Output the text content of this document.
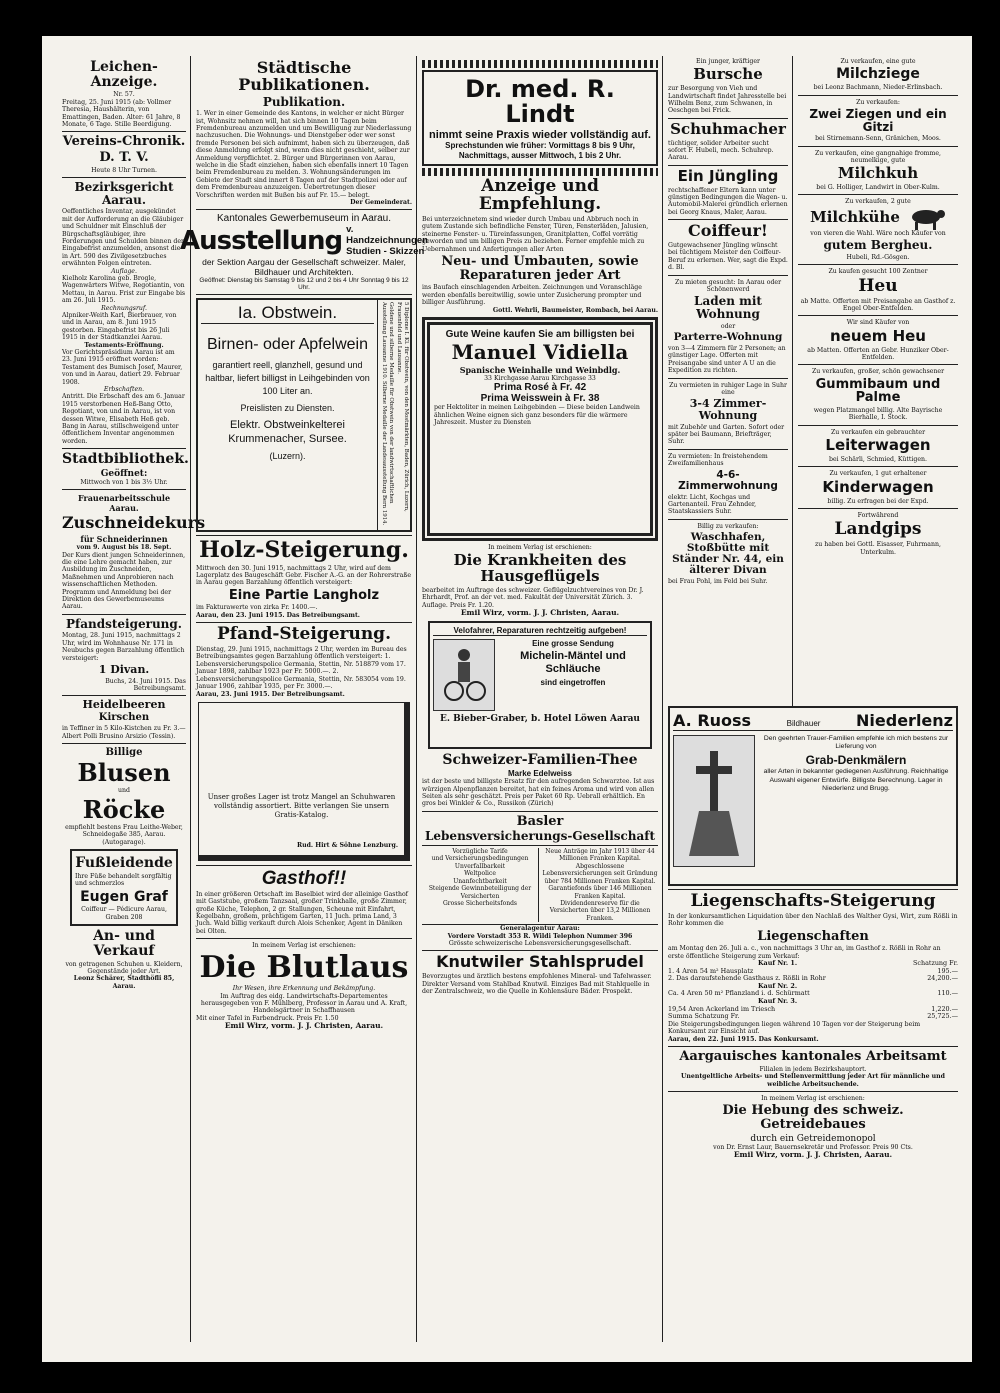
Leichen-Anzeige.
Nr. 57.

Freitag, 25. Juni 1915 (ab: Vollmer Theresia, Haushälterin, von Emattingen, Baden. Alter: 61 Jahre, 8 Monate, 6 Tage. Stille Beerdigung.

Vereins-Chronik.
D. T. V.
Heute 8 Uhr Turnen.
Bezirksgericht Aarau.

Oeffentliches Inventar, ausgekündet mit der Aufforderung an die Gläubiger und Schuldner mit Einschluß der Bürgschaftsgläubiger, ihre Forderungen und Schulden binnen der Eingabefrist anzumelden, ansonst die in Art. 590 des Zivilgesetzbuches erwähnten Folgen eintreten.

Auflage.

Kielholz Karolina geb. Brogle, Wagenwärters Witwe, Regotiantin, von Mettau, in Aarau. Frist zur Eingabe bis am 26. Juli 1915.

Rechnungsruf.

Alpniker-Weith Karl, Bierbrauer, von und in Aarau, am 8. Juni 1915 gestorben. Eingabefrist bis 26 Juli 1915 in der Stadtkanzlei Aarau.

Testaments-Eröffnung.

Vor Gerichtspräsidium Aarau ist am 23. Juni 1915 eröffnet worden: Testament des Bumisch Josef, Maurer, von und in Aarau, datiert 29. Februar 1908.

Erbschaften.

Antritt. Die Erbschaft des am 6. Januar 1915 verstorbenen Heß-Bang Otto, Regotiant, von und in Aarau, ist von dessen Witwe, Elisabeth Heß geb. Bang in Aarau, stillschweigend unter öffentlichem Inventar angenommen worden.

Stadtbibliothek.
Geöffnet:
Mittwoch von 1 bis 3½ Uhr.
Frauenarbeitsschule Aarau.
Zuschneidekurs
für Schneiderinnen
vom 9. August bis 18. Sept.

Der Kurs dient jungen Schneiderinnen, die eine Lehre gemacht haben, zur Ausbildung im Zuschneiden, Maßnehmen und Anprobieren nach wissenschaftlichen Methoden. Programm und Anmeldung bei der Direktion des Gewerbemuseums Aarau.

Pfandsteigerung.

Montag, 28. Juni 1915, nachmittags 2 Uhr, wird im Wohnhause Nr. 171 in Neubuchs gegen Barzahlung öffentlich versteigert:

1 Divan.

Buchs, 24. Juni 1915. Das Betreibungsamt.

Heidelbeeren
Kirschen

in Teffiner in 5 Kilo-Kistchen zu Fr. 3.— Albert Polli Brusino Arsizio (Tessin).

Billige
Blusen
und
Röcke

empfiehlt bestens Frau Leithe-Weber, Schneidegaße 385, Aarau. (Autogarage).

Fußleidende

Ihre Füße behandelt sorgfältig und schmerzlos

Eugen Graf

Coiffeur — Pédicure Aarau, Graben 208

An- und Verkauf

von getragenen Schuhen u. Kleidern, Gegenstände jeder Art.

Leonz Schärer, Stadthöfli 85, Aarau.

Städtische Publikationen.
Publikation.

1. Wer in einer Gemeinde des Kantons, in welcher er nicht Bürger ist, Wohnsitz nehmen will, hat sich binnen 10 Tagen beim Fremdenbureau anzumelden und um Bewilligung zur Niederlassung nachzusuchen. Die Wohnungs- und Dienstgeber oder wer sonst fremde Personen bei sich aufnimmt, haben sich zu überzeugen, daß diese Anmeldung erfolgt sind, wenn dies nicht geschieht, selber zur Anmeldung verpflichtet. 2. Bürger und Bürgerinnen von Aarau, welche in die Stadt einziehen, haben sich ebenfalls innert 10 Tagen beim Fremdenbureau zu melden. 3. Wohnungsänderungen im Gebiete der Stadt sind innert 8 Tagen auf der Stadtpolizei oder auf dem Fremdenbureau anzuzeigen. Uebertretungen dieser Vorschriften werden mit Bußen bis auf Fr. 15.— belegt.

Der Gemeinderat.

Kantonales Gewerbemuseum in Aarau.
Ausstellung v. Handzeichnungen
Studien - Skizzen
der Sektion Aargau der Gesellschaft schweizer. Maler, Bildhauer und Architekten.
Geöffnet: Dienstag bis Samstag 9 bis 12 und 2 bis 4 Uhr Sonntag 9 bis 12 Uhr.
Ia. Obstwein.
Birnen- oder Apfelwein
garantiert reell, glanzhell, gesund und haltbar, liefert billigst in Leihgebinden von 100 Liter an.
Preislisten zu Diensten.
Elektr. Obstweinkelterei Krummenacher, Sursee.
(Luzern).	Goldene und silberne Medaille für Obstwein von der landwirtschaftlichen Ausstellung Lausanne 1910. Silberne Medaille der Landesausstellung Bern 1914.	5 Diplome I. Kl. für Obstwein, von den Mostmärkten, Baden, Zürich, Luzern, Frauenfeld und Lausanne.
Holz-Steigerung.

Mittwoch den 30. Juni 1915, nachmittags 2 Uhr, wird auf dem Lagerplatz des Baugeschäft Gebr. Fischer A.-G. an der Rohrerstraße in Aarau gegen Barzahlung öffentlich versteigert:

Eine Partie Langholz

im Fakturawerte von zirka Fr. 1400.—.

Aarau, den 23. Juni 1915. Das Betreibungsamt.

Pfand-Steigerung.

Dienstag, 29. Juni 1915, nachmittags 2 Uhr, werden im Bureau des Betreibungsamtes gegen Barzahlung öffentlich versteigert: 1. Lebensversicherungspolice Germania, Stettin, Nr. 518879 vom 17. Januar 1898, zahlbar 1923 per Fr. 5000.—. 2. Lebensversicherungspolice Germania, Stettin, Nr. 583054 vom 19. Januar 1906, zahlbar 1935, per Fr. 3000.—.

Aarau, 23. Juni 1915. Der Betreibungsamt.

Unser großes Lager ist trotz Mangel an Schuhwaren vollständig assortiert. Bitte verlangen Sie unsern Gratis-Katalog.

Rud. Hirt & Söhne Lenzburg.

Gasthof!!

In einer größeren Ortschaft im Baselbiet wird der alleinige Gasthof mit Gaststube, großem Tanzsaal, großer Trinkhalle, große Zimmer, große Küche, Telephon, 2 gr. Stallungen, Scheune mit Einfahrt, Kegelbahn, großem, prächtigem Garten, 11 Juch. prima Land, 3 Juch. Wald billig verkauft durch Alois Schenker, Agent in Däniken bei Olten.

In meinem Verlag ist erschienen:
Die Blutlaus
Ihr Wesen, ihre Erkennung und Bekämpfung.

Im Auftrag des eidg. Landwirtschafts-Departementes herausgegeben von F. Mühlberg, Professor in Aarau und A. Kraft, Handelsgärtner in Schaffhausen

Mit einer Tafel in Farbendruck. Preis Fr. 1.50

Emil Wirz, vorm. J. J. Christen, Aarau.

Dr. med. R. Lindt
nimmt seine Praxis wieder vollständig auf.
Sprechstunden wie früher: Vormittags 8 bis 9 Uhr, Nachmittags, ausser Mittwoch, 1 bis 2 Uhr.
Anzeige und Empfehlung.

Bei unterzeichnetem sind wieder durch Umbau und Abbruch noch in gutem Zustande sich befindliche Fenster, Türen, Fensterläden, Jalusien, steinerne Fenster- u. Türeinfassungen, Granitplatten, Coffel vorrätig geworden und um billigen Preis zu beziehen. Ferner empfehle mich zu Uebernahmen und Anfertigungen aller Arten

Neu- und Umbauten, sowie Reparaturen jeder Art

ins Baufach einschlagenden Arbeiten. Zeichnungen und Voranschläge werden ebenfalls bereitwillig, sowie unter Zusicherung prompter und billiger Ausführung.

Gottl. Wehrli, Baumeister, Rombach, bei Aarau.

Gute Weine kaufen Sie am billigsten bei
Manuel Vidiella
Spanische Weinhalle und Weinbdlg.
33 Kirchgasse Aarau Kirchgasse 33
Prima Rosé à Fr. 42
Prima Weisswein à Fr. 38

per Hektoliter in meinen Leihgebinden — Diese beiden Landwein ähnlichen Weine eignen sich ganz besonders für die wärmere Jahreszeit. Muster zu Diensten

In meinem Verlag ist erschienen:
Die Krankheiten des Hausgeflügels

bearbeitet im Auftrage des schweizer. Geflügelzuchtvereines von Dr. J. Ehrhardt, Prof. an der vet. med. Fakultät der Universität Zürich. 3. Auflage. Preis Fr. 1.20.

Emil Wirz, vorm. J. J. Christen, Aarau.

Velofahrer, Reparaturen rechtzeitig aufgeben!
Eine grosse Sendung
Michelin-Mäntel und Schläuche
sind eingetroffen
E. Bieber-Graber, b. Hotel Löwen Aarau
Schweizer-Familien-Thee
Marke Edelweiss

ist der beste und billigste Ersatz für den aufregenden Schwarztee. Ist aus würzigen Alpenpflanzen bereitet, hat ein feines Aroma und wird von allen Seiten als sehr geschätzt. Preis per Paket 60 Rp. Uebrall erhältlich. En gros bei Winkler & Co., Russikon (Zürich)

Basler
Lebensversicherungs-Gesellschaft
Vorzügliche Tarife
und Versicherungsbedingungen
Unverfallbarkeit
Weltpolice
Unanfechtbarkeit
Steigende Gewinnbeteiligung der Versicherten
Grosse Sicherheitsfonds
Neue Anträge im Jahr 1913 über 44 Millionen Franken Kapital.
Abgeschlossene Lebensversicherungen seit Gründung über 784 Millionen Franken Kapital.
Garantiefonds über 146 Millionen Franken Kapital.
Dividendenreserve für die Versicherten über 13,2 Millionen Franken.
Generalagentur Aarau:
Vordere Vorstadt 353 R. Wildi Telephon Nummer 396
Grösste schweizerische Lebensversicherungsgesellschaft.
Knutwiler Stahlsprudel

Bevorzugtes und ärztlich bestens empfohlenes Mineral- und Tafelwasser. Direkter Versand vom Stahlbad Knutwil. Einziges Bad mit Stahlquelle in der Zentralschweiz, wo die Quelle in Kohlensäure Bäder. Prospekt.

Ein junger, kräftiger
Bursche

zur Besorgung von Vieh und Landwirtschaft findet Jahresstelle bei Wilhelm Benz, zum Schwanen, in Oeschgen bei Frick.

Schuhmacher

tüchtiger, solider Arbeiter sucht sofort F. Hubeli, mech. Schuhrep. Aarau.

Ein Jüngling

rechtschaffener Eltern kann unter günstigen Bedingungen die Wagen- u. Automobil-Malerei gründlich erlernen bei Georg Knaus, Maler, Aarau.

Coiffeur!

Gutgewachsener Jüngling wünscht bei tüchtigem Meister den Coiffeur-Beruf zu erlernen. Wer, sagt die Expd. d. Bl.

Zu mieten gesucht: In Aarau oder Schönenwerd

Laden mit Wohnung
oder
Parterre-Wohnung

von 3—4 Zimmern für 2 Personen; an günstiger Lage. Offerten mit Preisangabe sind unter A U an die Expedition zu richten.

Zu vermieten in ruhiger Lage in Suhr eine

3-4 Zimmer-Wohnung

mit Zubehör und Garten. Sofort oder später bei Baumann, Briefträger, Suhr.

Zu vermieten: In freistehendem Zweifamilienhaus

4-6-Zimmerwohnung

elektr. Licht, Kochgas und Gartenanteil. Frau Zehnder, Staatskassiers Suhr.

Billig zu verkaufen:
Waschhafen, Stoßbütte mit Ständer Nr. 44, ein älterer Divan

bei Frau Pohl, im Feld bei Suhr.

A. Ruoss	Bildhauer Niederlenz

Den geehrten Trauer-Familien empfehle ich mich bestens zur Lieferung von

Grab-Denkmälern

aller Arten in bekannter gediegenen Ausführung. Reichhaltige Auswahl eigener Entwürfe. Billigste Berechnung. Lager in Niederlenz und Brugg.

Liegenschafts-Steigerung

In der konkursamtlichen Liquidation über den Nachlaß des Walther Gysi, Wirt, zum Rößli in Rohr kommen die

Liegenschaften

am Montag den 26. Juli a. c., von nachmittags 3 Uhr an, im Gasthof z. Rößli in Rohr an erste öffentliche Steigerung zum Verkauf:

Kauf Nr. 1.	Schatzung Fr.
1. 4 Aren 54 m² Hausplatz	195.—
2. Das daraufstehende Gasthaus z. Rößli in Rohr	24,200.—
Kauf Nr. 2.
Ca. 4 Aren 50 m² Pflanzland i. d. Schürmatt	110.—
Kauf Nr. 3.
19,54 Aren Ackerland im Triesch	1,220.—
Summa Schatzung Fr.	25,725.—

Die Steigerungsbedingungen liegen während 10 Tagen vor der Steigerung beim Konkursamt zur Einsicht auf.

Aarau, den 22. Juni 1915. Das Konkursamt.

Aargauisches kantonales Arbeitsamt
Filialen in jedem Bezirkshauptort.

Unentgeltliche Arbeits- und Stellenvermittlung jeder Art für männliche und weibliche Arbeitsuchende.

In meinem Verlag ist erschienen:
Die Hebung des schweiz. Getreidebaues
durch ein Getreidemonopol

von Dr. Ernst Laur, Bauernsekretär und Professor. Preis 90 Cts.

Emil Wirz, vorm. J. J. Christen, Aarau.

Zu verkaufen, eine gute
Milchziege

bei Leonz Bachmann, Nieder-Erlinsbach.

Zu verkaufen:
Zwei Ziegen und ein Gitzi

bei Stirnemann-Senn, Gränichen, Moos.

Zu verkaufen, eine gangnahige fromme, neumelkige, gute

Milchkuh

bei G. Holliger, Landwirt in Ober-Kulm.

Zu verkaufen, 2 gute
Milchkühe

von vieren die Wahl. Wäre noch Käufer von

gutem Bergheu.

Hubeli, Rd.-Gösgen.

Zu kaufen gesucht 100 Zentner
Heu

ab Matte. Offerten mit Preisangabe an Gasthof z. Engel Ober-Entfelden.

Wir sind Käufer von
neuem Heu

ab Matten. Offerten an Gebr. Hunziker Ober-Entfelden.

Zu verkaufen, großer, schön gewachsener

Gummibaum und Palme

wegen Platzmangel billig. Alte Bayrische Bierhalle, I. Stock.

Zu verkaufen ein gebrauchter
Leiterwagen

bei Schärli, Schmied, Küttigen.

Zu verkaufen, 1 gut erhaltener
Kinderwagen

billig. Zu erfragen bei der Expd.

Fortwährend
Landgips

zu haben bei Gottl. Eisasser, Fuhrmann, Unterkulm.
